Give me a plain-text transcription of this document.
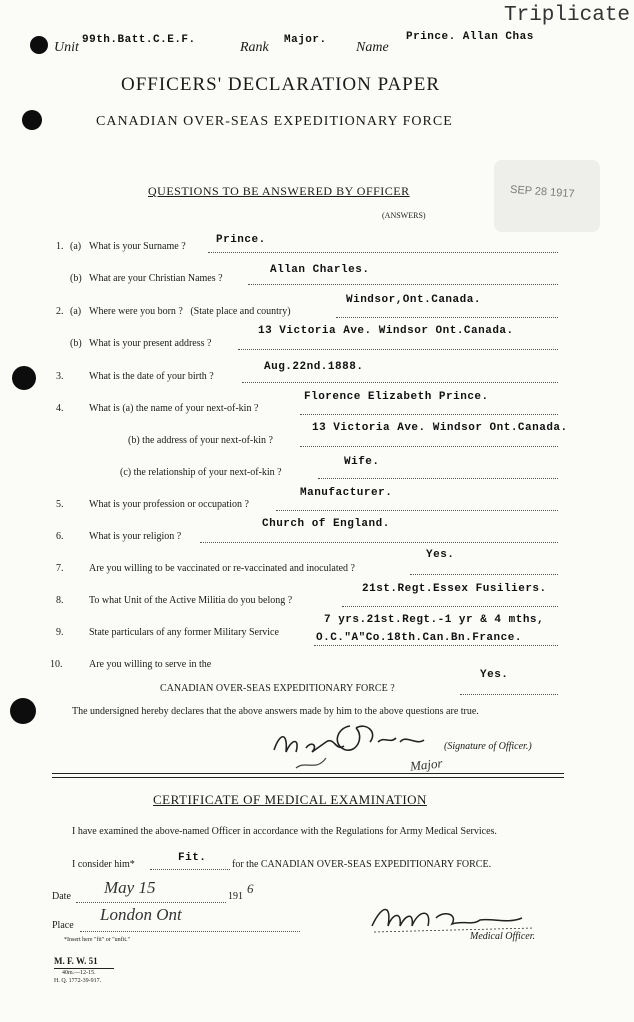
Triplicate
SEP 28 1917
Unit 99th.Batt.C.E.F.	Rank Major. Name
Prince. Allan Chas
OFFICERS' DECLARATION PAPER
CANADIAN OVER-SEAS EXPEDITIONARY FORCE
QUESTIONS TO BE ANSWERED BY OFFICER
(ANSWERS)
1. (a) What is your Surname ?
Prince.
(b) What are your Christian Names ?
Allan Charles.
2. (a) Where were you born ?   (State place and country)
Windsor,Ont.Canada.
(b) What is your present address ?
13 Victoria Ave. Windsor Ont.Canada.
3.	What is the date of your birth ?
Aug.22nd.1888.
4.	What is (a) the name of your next-of-kin ?
Florence Elizabeth Prince.
(b) the address of your next-of-kin ?
13 Victoria Ave. Windsor Ont.Canada.
(c) the relationship of your next-of-kin ?
Wife.
5.	What is your profession or occupation ?
Manufacturer.
6.	What is your religion ?
Church of England.
7.	Are you willing to be vaccinated or re-vaccinated and inoculated ?
Yes.
8.	To what Unit of the Active Militia do you belong ?
21st.Regt.Essex Fusiliers.
9.	State particulars of any former Military Service
7 yrs.21st.Regt.-1 yr & 4 mths,
O.C."A"Co.18th.Can.Bn.France.
10.	Are you willing to serve in the
CANADIAN OVER-SEAS EXPEDITIONARY FORCE ?
Yes.
The undersigned hereby declares that the above answers made by him to the above questions are true.
(Signature of Officer.)
Major
CERTIFICATE OF MEDICAL EXAMINATION
I have examined the above-named Officer in accordance with the Regulations for Army Medical Services.
I consider him*
Fit.
for the CANADIAN OVER-SEAS EXPEDITIONARY FORCE.
Date May 15	191
6
Place
London Ont
Medical Officer.
*Insert here "fit" or "unfit."
M. F. W. 51
40m.—12-15.
H. Q. 1772-39-917.
